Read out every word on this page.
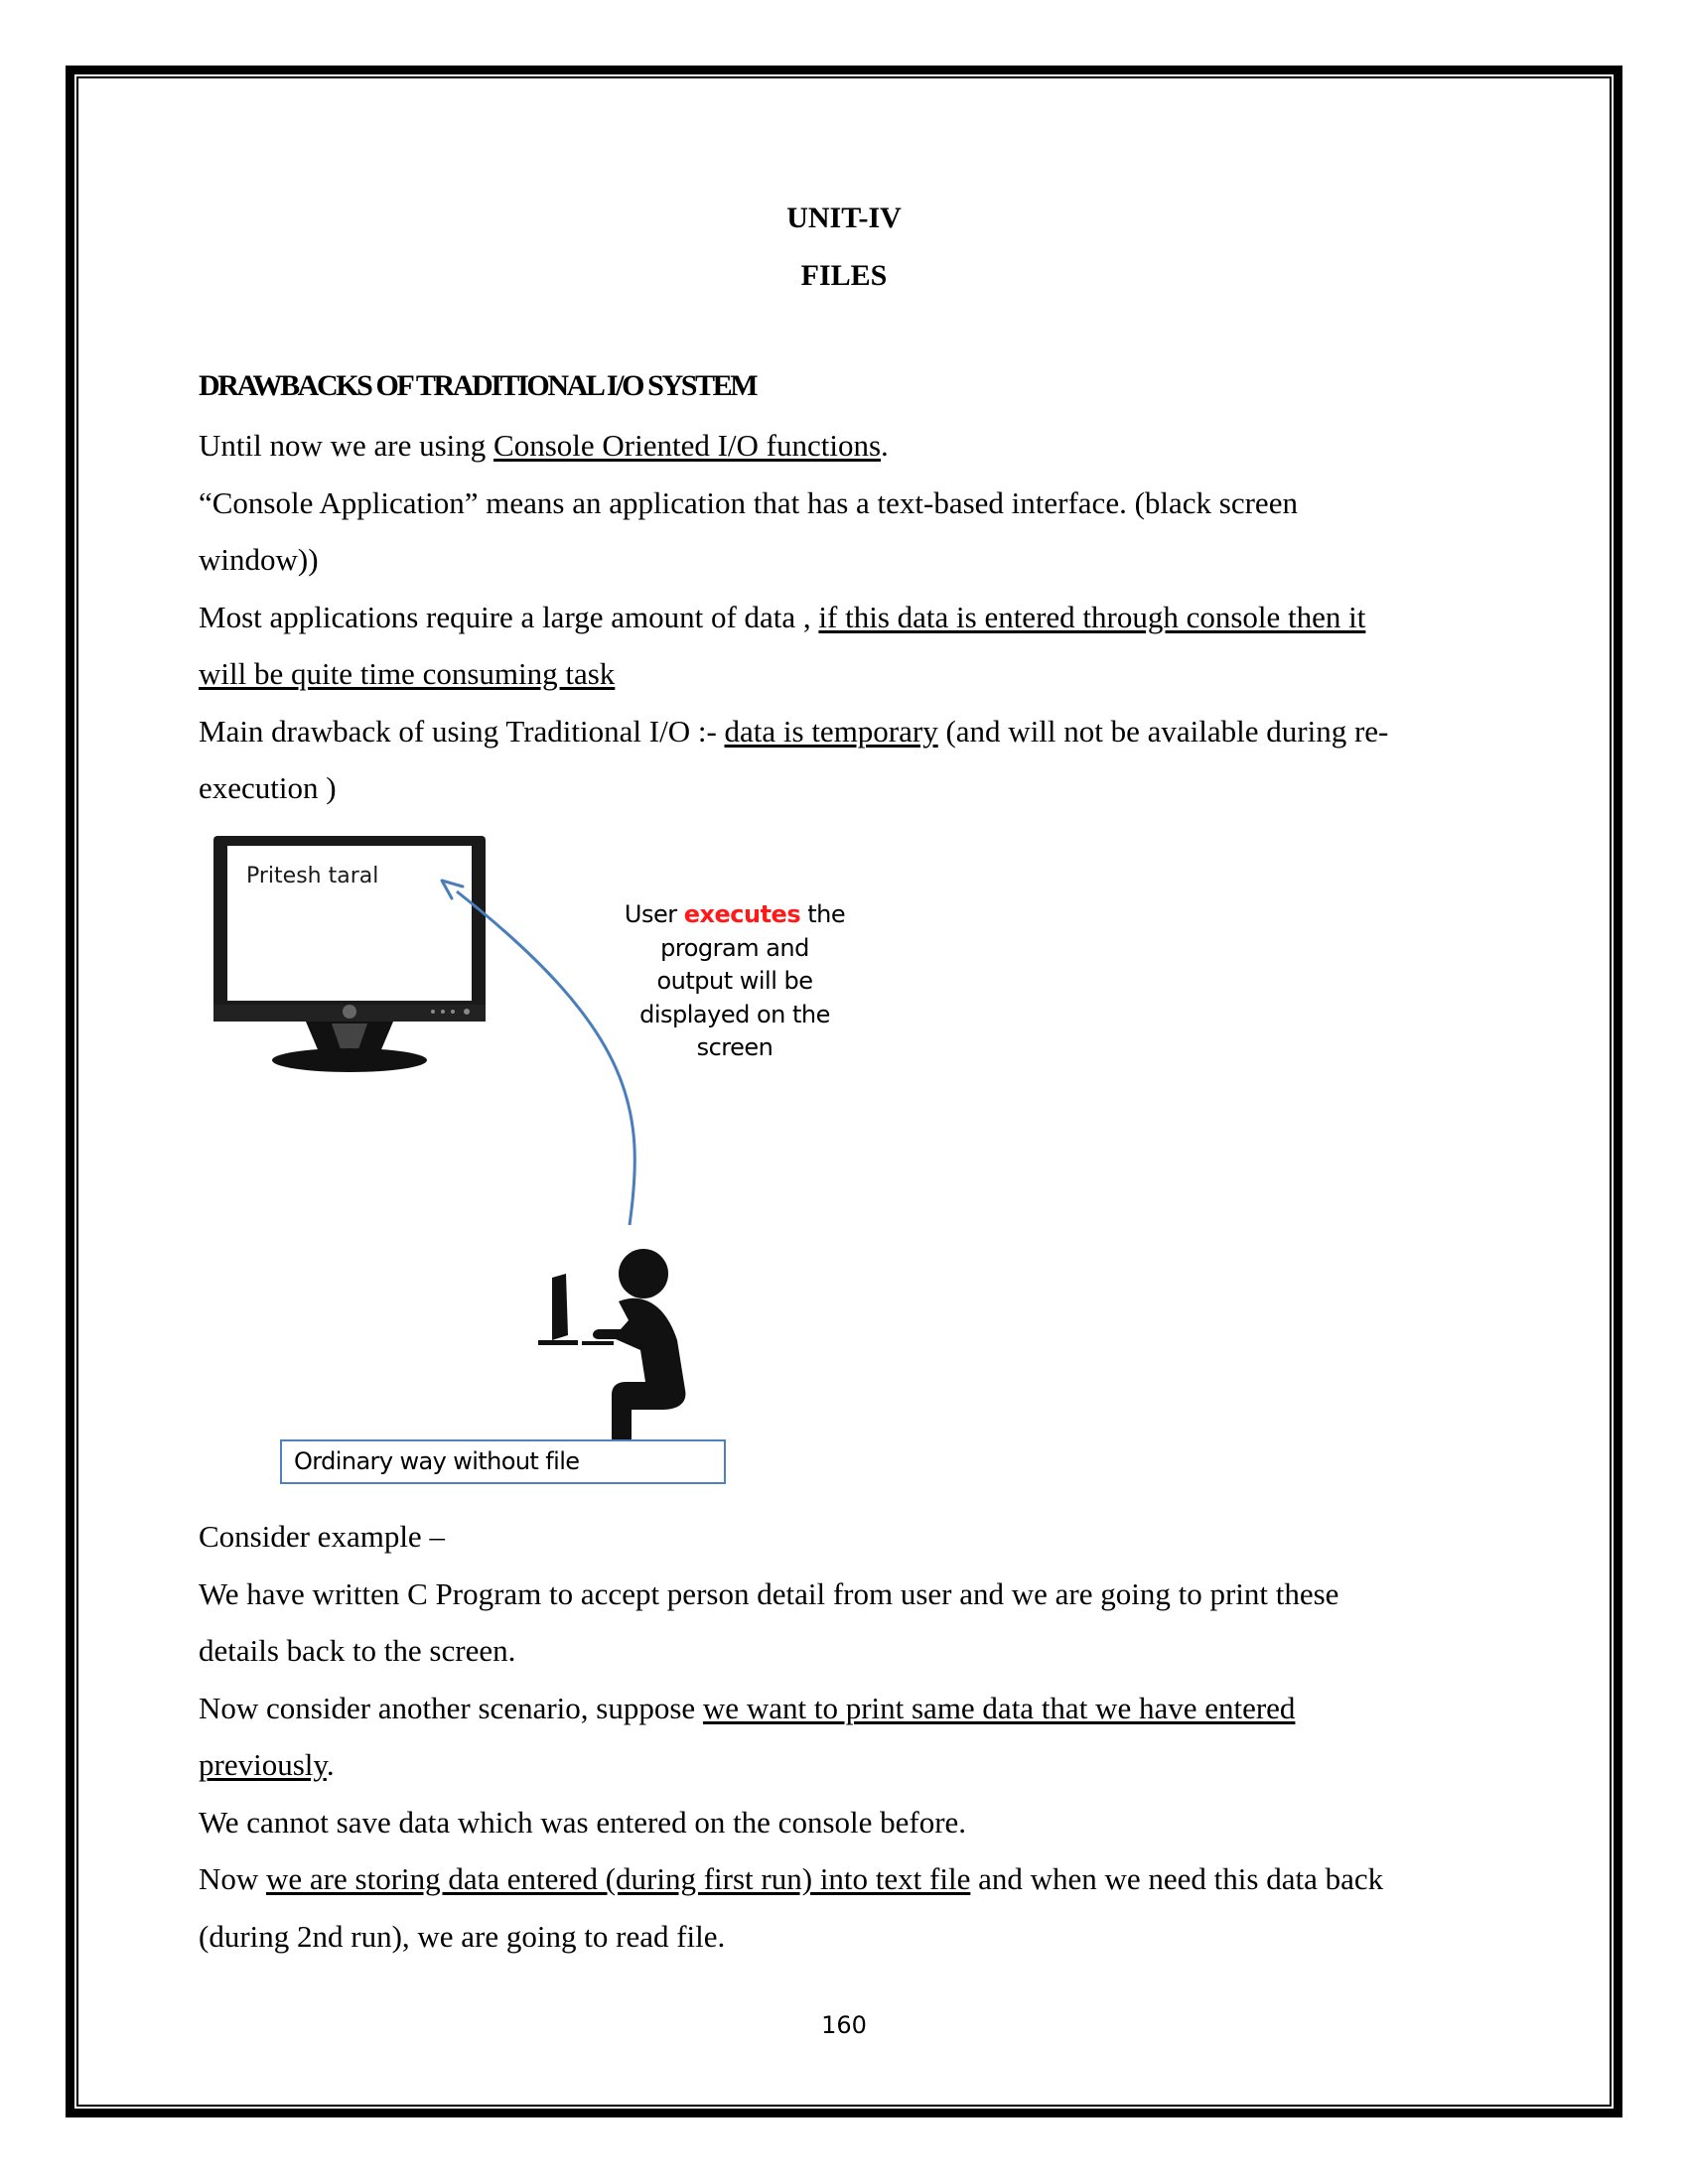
UNIT-IV
FILES
DRAWBACKS OF TRADITIONAL I/O SYSTEM
Until now we are using Console Oriented I/O functions.
“Console Application” means an application that has a text-based interface. (black screen
window))
Most applications require a large amount of data , if this data is entered through console then it
will be quite time consuming task
Main drawback of using Traditional I/O :- data is temporary (and will not be available during re-
execution )
Pritesh taral
User executes the
program and
output will be
displayed on the
screen
Ordinary way without file
Consider example –
We have written C Program to accept person detail from user and we are going to print these
details back to the screen.
Now consider another scenario, suppose we want to print same data that we have entered
previously.
We cannot save data which was entered on the console before.
Now we are storing data entered (during first run) into text file and when we need this data back
(during 2nd run), we are going to read file.
160
